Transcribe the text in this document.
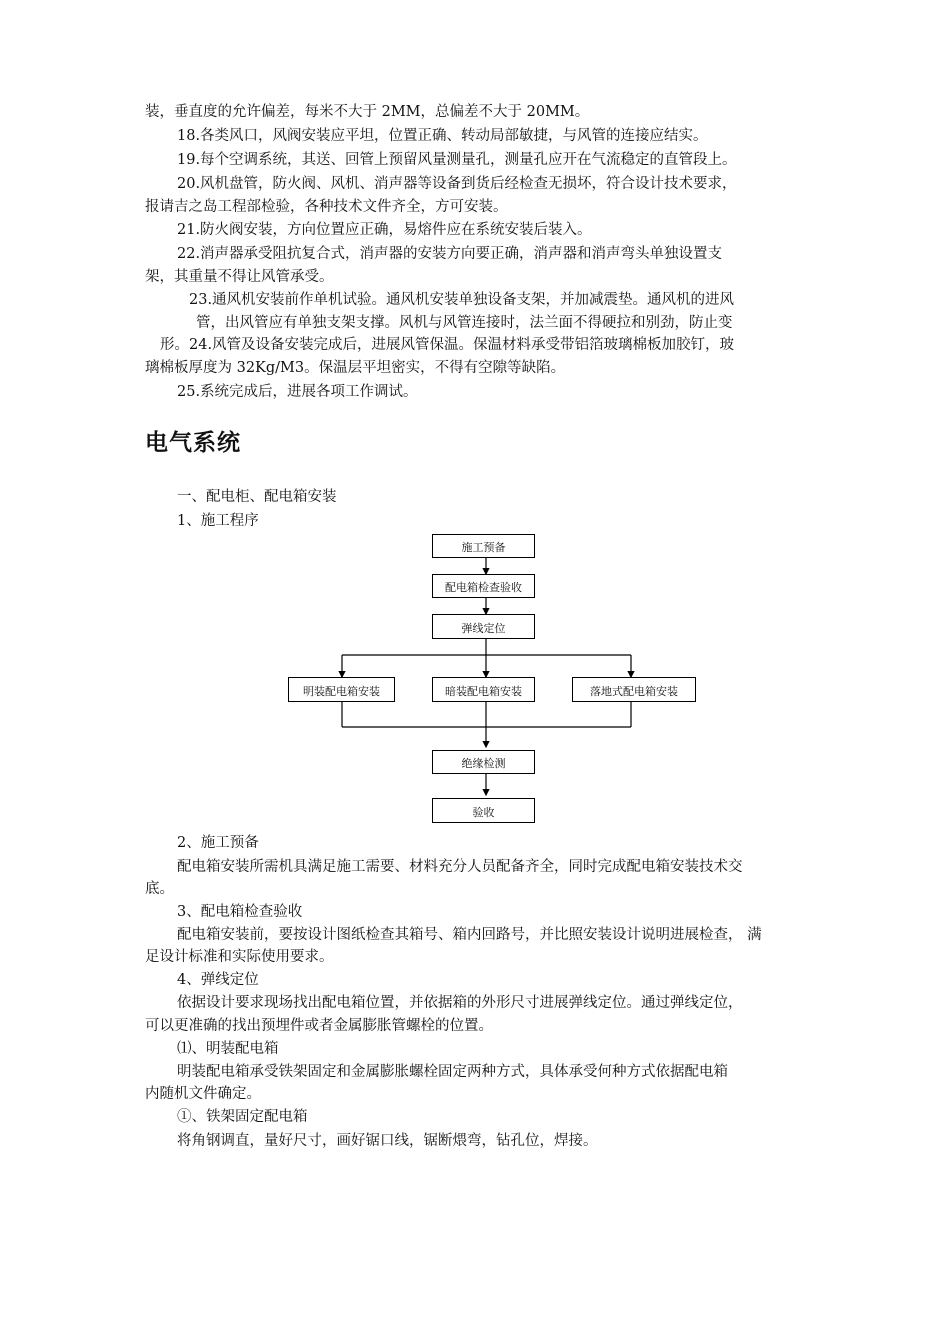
装，垂直度的允许偏差，每米不大于 2MM，总偏差不大于 20MM。
18.各类风口，风阀安装应平坦，位置正确、转动局部敏捷，与风管的连接应结实。
19.每个空调系统，其送、回管上预留风量测量孔，测量孔应开在气流稳定的直管段上。
20.风机盘管，防火阀、风机、消声器等设备到货后经检查无损坏，符合设计技术要求，
报请吉之岛工程部检验，各种技术文件齐全，方可安装。
21.防火阀安装，方向位置应正确，易熔件应在系统安装后装入。
22.消声器承受阻抗复合式，消声器的安装方向要正确，消声器和消声弯头单独设置支
架，其重量不得让风管承受。
23.通风机安装前作单机试验。通风机安装单独设备支架，并加减震垫。通风机的进风
管，出风管应有单独支架支撑。风机与风管连接时，法兰面不得硬拉和别劲，防止变
形。24.风管及设备安装完成后，进展风管保温。保温材料承受带铝箔玻璃棉板加胶钉，玻
璃棉板厚度为 32Kg/M3。保温层平坦密实，不得有空隙等缺陷。
25.系统完成后，进展各项工作调试。
电气系统
一、配电柜、配电箱安装
1、施工程序
施工预备
配电箱检查验收
弹线定位
明装配电箱安装	暗装配电箱安装	落地式配电箱安装
绝缘检测
验收
2、施工预备
配电箱安装所需机具满足施工需要、材料充分人员配备齐全，同时完成配电箱安装技术交
底。
3、配电箱检查验收
配电箱安装前，要按设计图纸检查其箱号、箱内回路号，并比照安装设计说明进展检查， 满
足设计标准和实际使用要求。
4、弹线定位
依据设计要求现场找出配电箱位置，并依据箱的外形尺寸进展弹线定位。通过弹线定位，
可以更准确的找出预埋件或者金属膨胀管螺栓的位置。
⑴、明装配电箱
明装配电箱承受铁架固定和金属膨胀螺栓固定两种方式，具体承受何种方式依据配电箱
内随机文件确定。
①、铁架固定配电箱
将角钢调直，量好尺寸，画好锯口线，锯断煨弯，钻孔位，焊接。
